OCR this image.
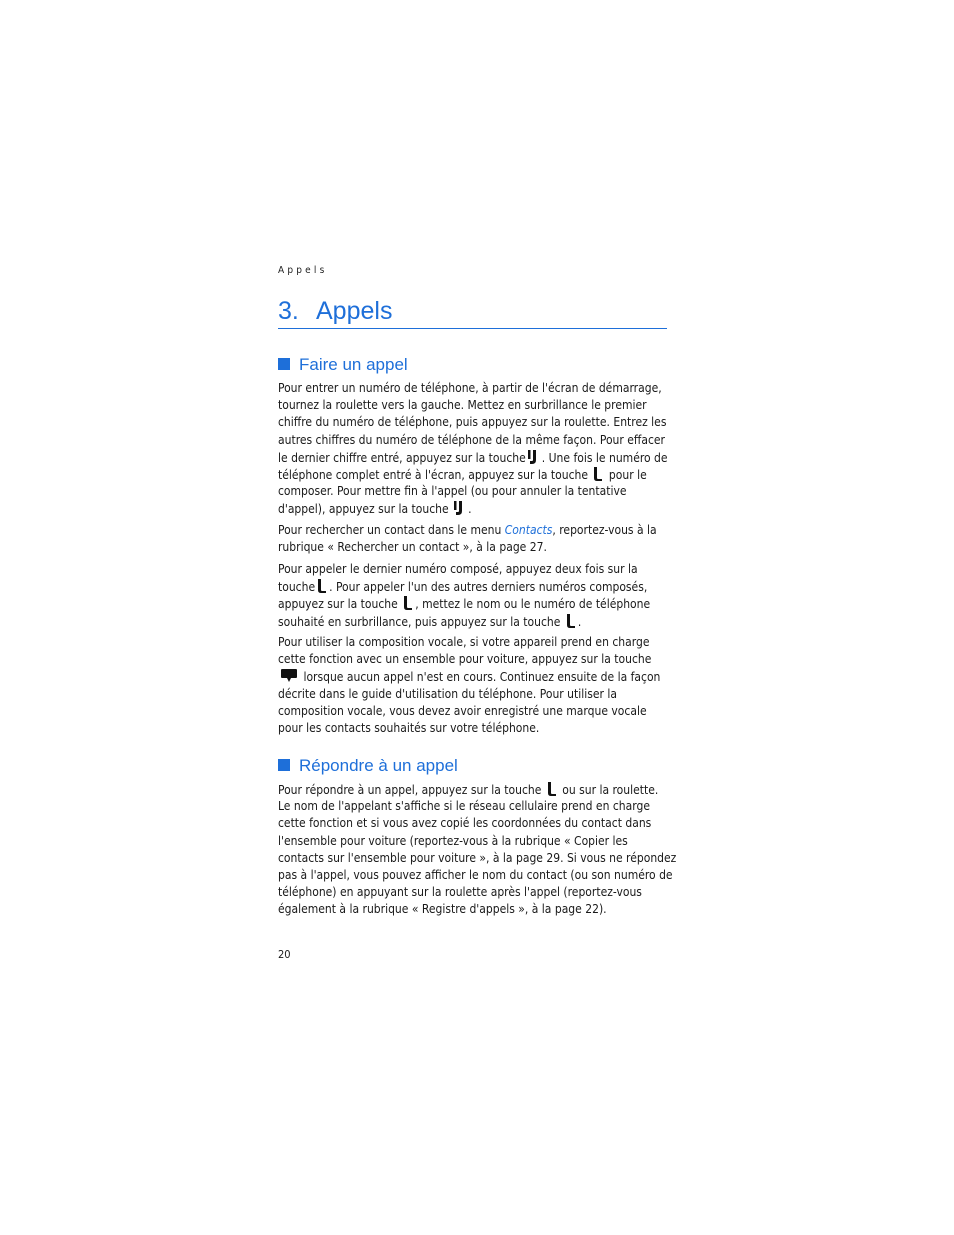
Appels
3. Appels
Faire un appel
Pour entrer un numéro de téléphone, à partir de l'écran de démarrage,
tournez la roulette vers la gauche. Mettez en surbrillance le premier
chiffre du numéro de téléphone, puis appuyez sur la roulette. Entrez les
autres chiffres du numéro de téléphone de la même façon. Pour effacer
le dernier chiffre entré, appuyez sur la touche . Une fois le numéro de
téléphone complet entré à l'écran, appuyez sur la touche pour le
composer. Pour mettre fin à l'appel (ou pour annuler la tentative
d'appel), appuyez sur la touche .
Pour rechercher un contact dans le menu Contacts, reportez-vous à la
rubrique « Rechercher un contact », à la page 27.
Pour appeler le dernier numéro composé, appuyez deux fois sur la
touche . Pour appeler l'un des autres derniers numéros composés,
appuyez sur la touche , mettez le nom ou le numéro de téléphone
souhaité en surbrillance, puis appuyez sur la touche .
Pour utiliser la composition vocale, si votre appareil prend en charge
cette fonction avec un ensemble pour voiture, appuyez sur la touche
lorsque aucun appel n'est en cours. Continuez ensuite de la façon
décrite dans le guide d'utilisation du téléphone. Pour utiliser la
composition vocale, vous devez avoir enregistré une marque vocale
pour les contacts souhaités sur votre téléphone.
Répondre à un appel
Pour répondre à un appel, appuyez sur la touche ou sur la roulette.
Le nom de l'appelant s'affiche si le réseau cellulaire prend en charge
cette fonction et si vous avez copié les coordonnées du contact dans
l'ensemble pour voiture (reportez-vous à la rubrique « Copier les
contacts sur l'ensemble pour voiture », à la page 29. Si vous ne répondez
pas à l'appel, vous pouvez afficher le nom du contact (ou son numéro de
téléphone) en appuyant sur la roulette après l'appel (reportez-vous
également à la rubrique « Registre d'appels », à la page 22).
20
